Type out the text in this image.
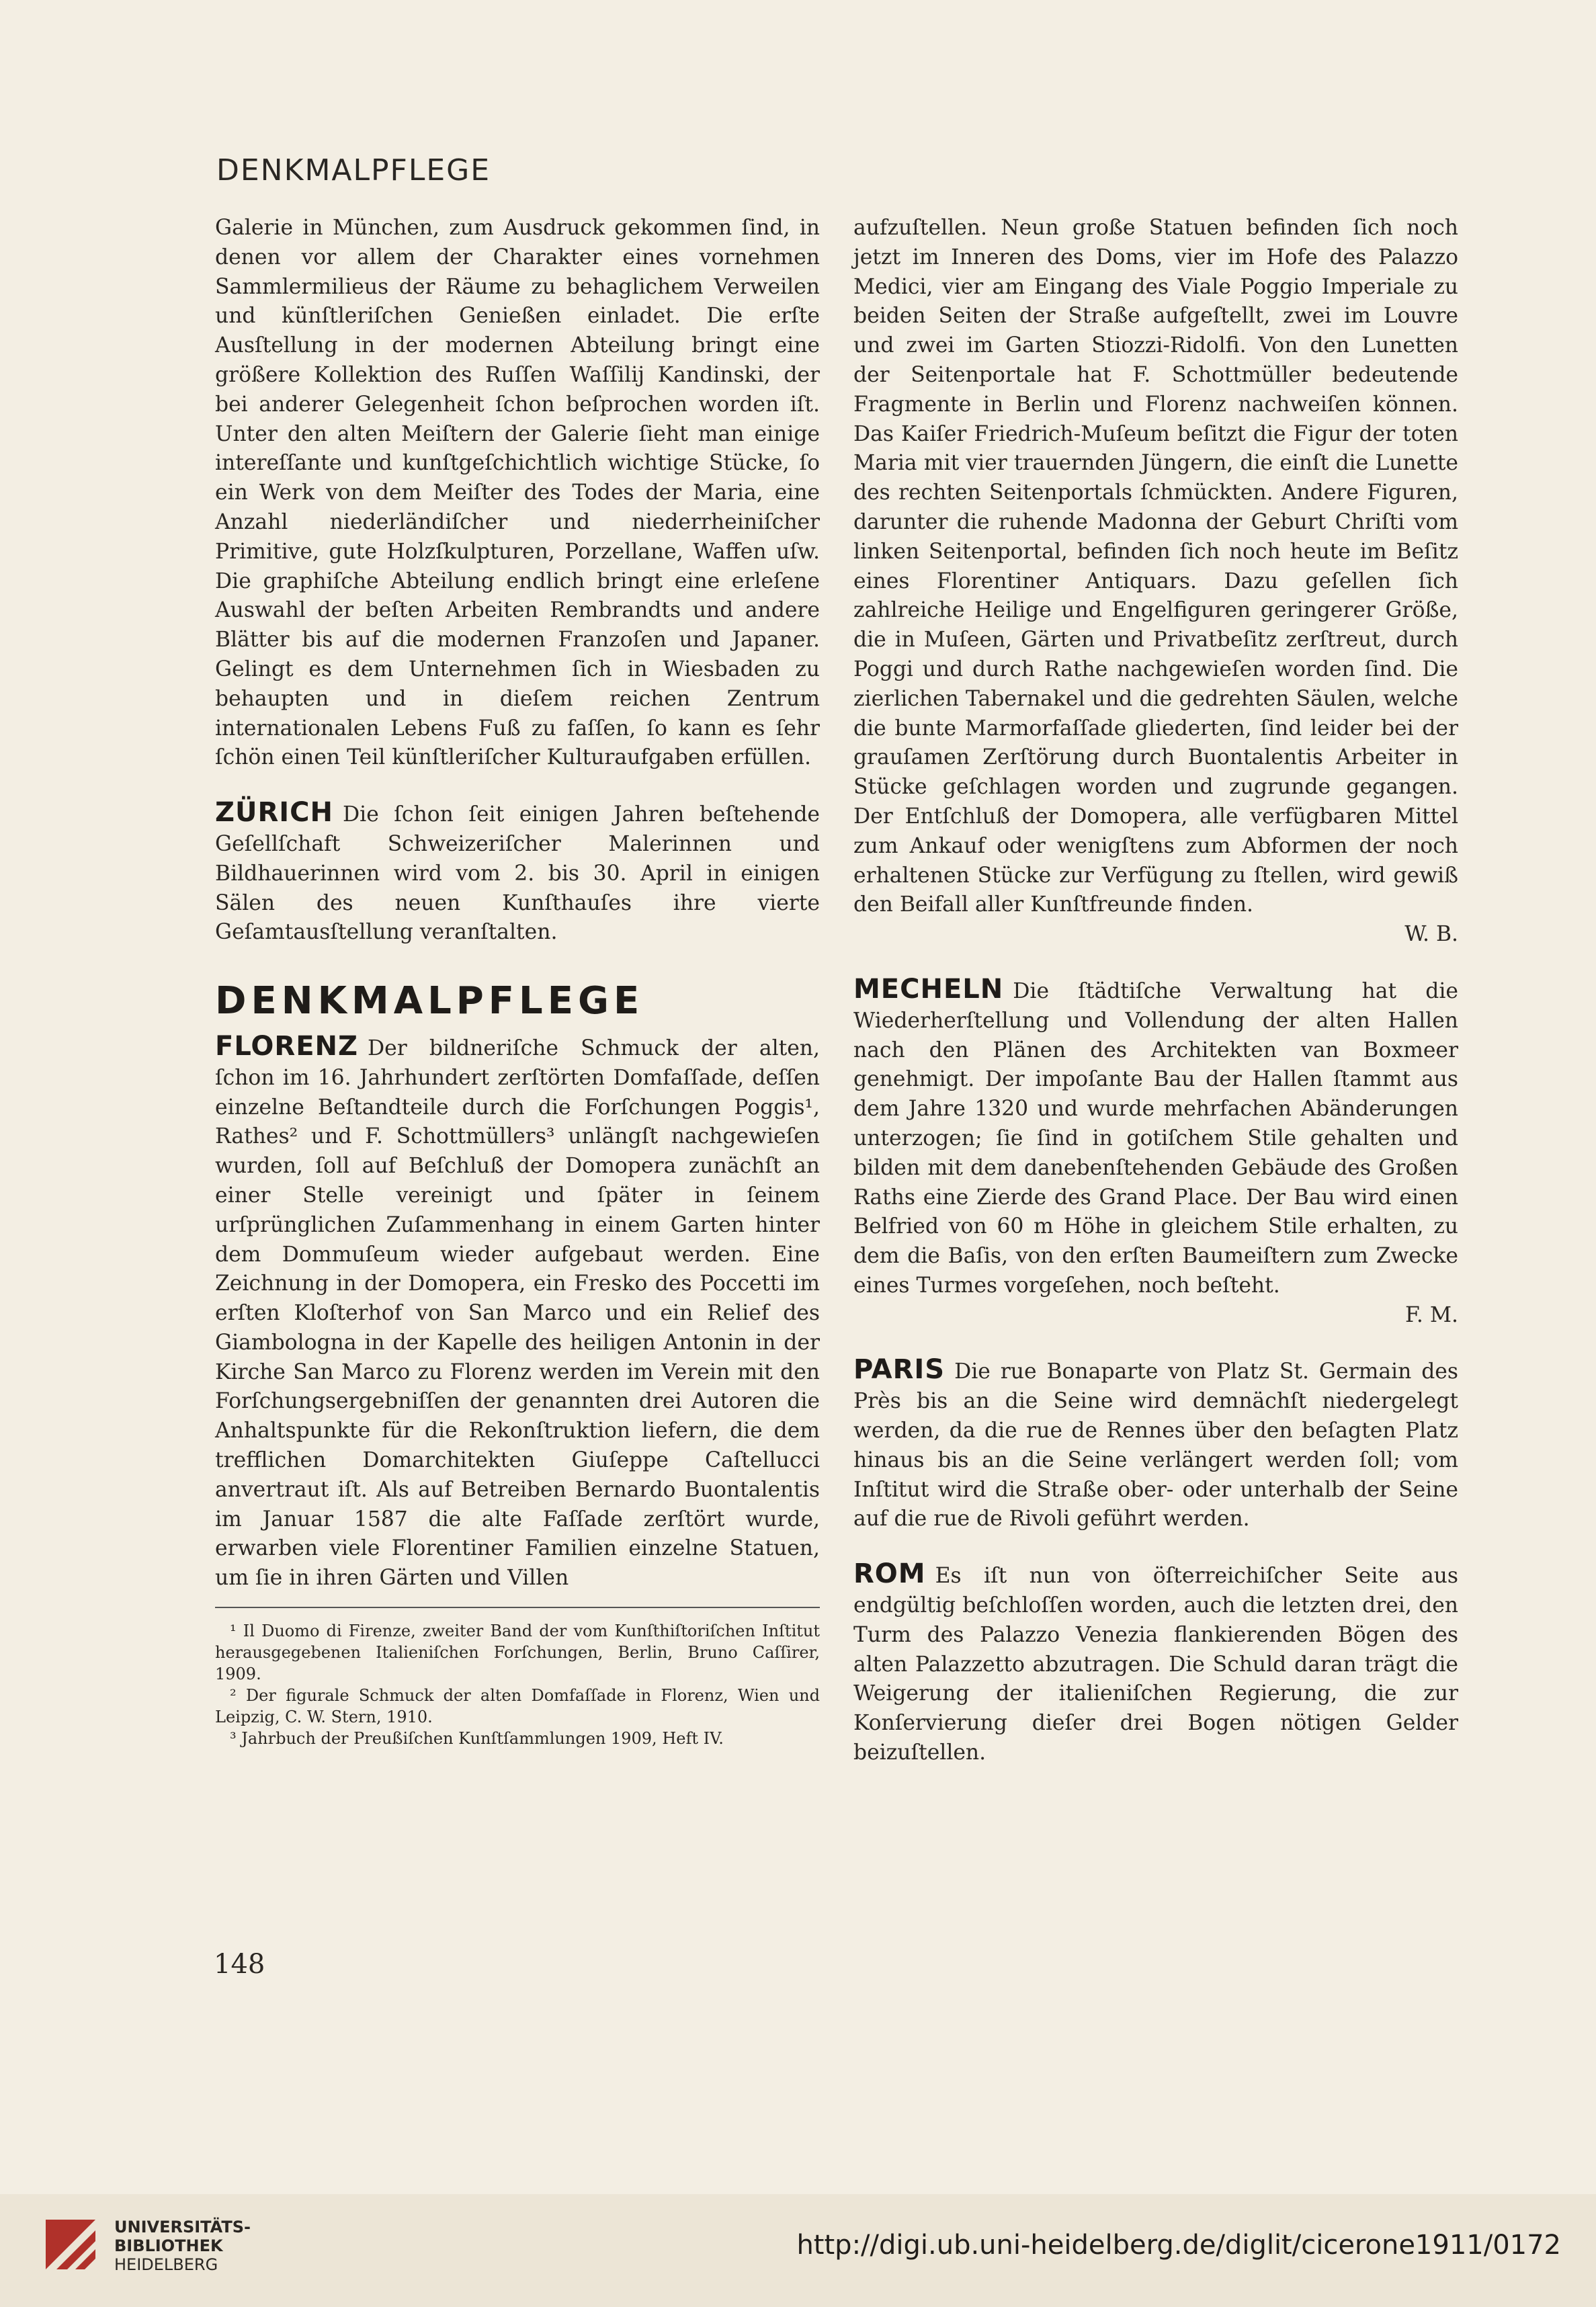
DENKMALPFLEGE

Galerie in München, zum Ausdruck gekommen ſind, in denen vor allem der Charakter eines vornehmen Sammlermilieus der Räume zu behaglichem Verweilen und künſtleriſchen Genießen einladet. Die erſte Ausſtellung in der modernen Abteilung bringt eine größere Kollektion des Ruſſen Waſſilij Kandinski, der bei anderer Gelegenheit ſchon beſprochen worden iſt. Unter den alten Meiſtern der Galerie ſieht man einige intereſſante und kunſtgeſchichtlich wichtige Stücke, ſo ein Werk von dem Meiſter des Todes der Maria, eine Anzahl niederländiſcher und niederrheiniſcher Primitive, gute Holzſkulpturen, Porzellane, Waffen uſw. Die graphiſche Abteilung endlich bringt eine erleſene Auswahl der beſten Arbeiten Rembrandts und andere Blätter bis auf die modernen Franzoſen und Japaner. Gelingt es dem Unternehmen ſich in Wiesbaden zu behaupten und in dieſem reichen Zentrum internationalen Lebens Fuß zu faſſen, ſo kann es ſehr ſchön einen Teil künſtleriſcher Kulturaufgaben erfüllen.

ZÜRICH Die ſchon ſeit einigen Jahren beſtehende Geſellſchaft Schweizeriſcher Malerinnen und Bildhauerinnen wird vom 2. bis 30. April in einigen Sälen des neuen Kunſthauſes ihre vierte Geſamtausſtellung veranſtalten.

DENKMALPFLEGE

FLORENZ Der bildneriſche Schmuck der alten, ſchon im 16. Jahrhundert zerſtörten Domfaſſade, deſſen einzelne Beſtandteile durch die Forſchungen Poggis¹, Rathes² und F. Schottmüllers³ unlängſt nachgewieſen wurden, ſoll auf Beſchluß der Domopera zunächſt an einer Stelle vereinigt und ſpäter in ſeinem urſprünglichen Zuſammenhang in einem Garten hinter dem Dommuſeum wieder aufgebaut werden. Eine Zeichnung in der Domopera, ein Fresko des Poccetti im erſten Kloſterhof von San Marco und ein Relief des Giambologna in der Kapelle des heiligen Antonin in der Kirche San Marco zu Florenz werden im Verein mit den Forſchungsergebniſſen der genannten drei Autoren die Anhaltspunkte für die Rekonſtruktion liefern, die dem trefflichen Domarchitekten Giuſeppe Caſtellucci anvertraut iſt. Als auf Betreiben Bernardo Buontalentis im Januar 1587 die alte Faſſade zerſtört wurde, erwarben viele Florentiner Familien einzelne Statuen, um ſie in ihren Gärten und Villen

¹ Il Duomo di Firenze, zweiter Band der vom Kunſthiſtoriſchen Inſtitut herausgegebenen Italieniſchen Forſchungen, Berlin, Bruno Caſſirer, 1909.

² Der figurale Schmuck der alten Domfaſſade in Florenz, Wien und Leipzig, C. W. Stern, 1910.

³ Jahrbuch der Preußiſchen Kunſtſammlungen 1909, Heft IV.

aufzuſtellen. Neun große Statuen befinden ſich noch jetzt im Inneren des Doms, vier im Hofe des Palazzo Medici, vier am Eingang des Viale Poggio Imperiale zu beiden Seiten der Straße aufgeſtellt, zwei im Louvre und zwei im Garten Stiozzi-Ridolfi. Von den Lunetten der Seitenportale hat F. Schottmüller bedeutende Fragmente in Berlin und Florenz nachweiſen können. Das Kaiſer Friedrich-Muſeum beſitzt die Figur der toten Maria mit vier trauernden Jüngern, die einſt die Lunette des rechten Seitenportals ſchmückten. Andere Figuren, darunter die ruhende Madonna der Geburt Chriſti vom linken Seitenportal, befinden ſich noch heute im Beſitz eines Florentiner Antiquars. Dazu geſellen ſich zahlreiche Heilige und Engelfiguren geringerer Größe, die in Muſeen, Gärten und Privatbeſitz zerſtreut, durch Poggi und durch Rathe nachgewieſen worden ſind. Die zierlichen Tabernakel und die gedrehten Säulen, welche die bunte Marmorfaſſade gliederten, ſind leider bei der grauſamen Zerſtörung durch Buontalentis Arbeiter in Stücke geſchlagen worden und zugrunde gegangen. Der Entſchluß der Domopera, alle verfügbaren Mittel zum Ankauf oder wenigſtens zum Abformen der noch erhaltenen Stücke zur Verfügung zu ſtellen, wird gewiß den Beifall aller Kunſtfreunde finden.
W. B.

MECHELN Die ſtädtiſche Verwaltung hat die Wiederherſtellung und Vollendung der alten Hallen nach den Plänen des Architekten van Boxmeer genehmigt. Der impoſante Bau der Hallen ſtammt aus dem Jahre 1320 und wurde mehrfachen Abänderungen unterzogen; ſie ſind in gotiſchem Stile gehalten und bilden mit dem danebenſtehenden Gebäude des Großen Raths eine Zierde des Grand Place. Der Bau wird einen Belfried von 60 m Höhe in gleichem Stile erhalten, zu dem die Baſis, von den erſten Baumeiſtern zum Zwecke eines Turmes vorgeſehen, noch beſteht.
F. M.

PARIS Die rue Bonaparte von Platz St. Germain des Près bis an die Seine wird demnächſt niedergelegt werden, da die rue de Rennes über den beſagten Platz hinaus bis an die Seine verlängert werden ſoll; vom Inſtitut wird die Straße ober- oder unterhalb der Seine auf die rue de Rivoli geführt werden.

ROM Es iſt nun von öſterreichiſcher Seite aus endgültig beſchloſſen worden, auch die letzten drei, den Turm des Palazzo Venezia flankierenden Bögen des alten Palazzetto abzutragen. Die Schuld daran trägt die Weigerung der italieniſchen Regierung, die zur Konſervierung dieſer drei Bogen nötigen Gelder beizuſtellen.

148
UNIVERSITÄTS-
BIBLIOTHEK
HEIDELBERG
http://digi.ub.uni-heidelberg.de/diglit/cicerone1911/0172
